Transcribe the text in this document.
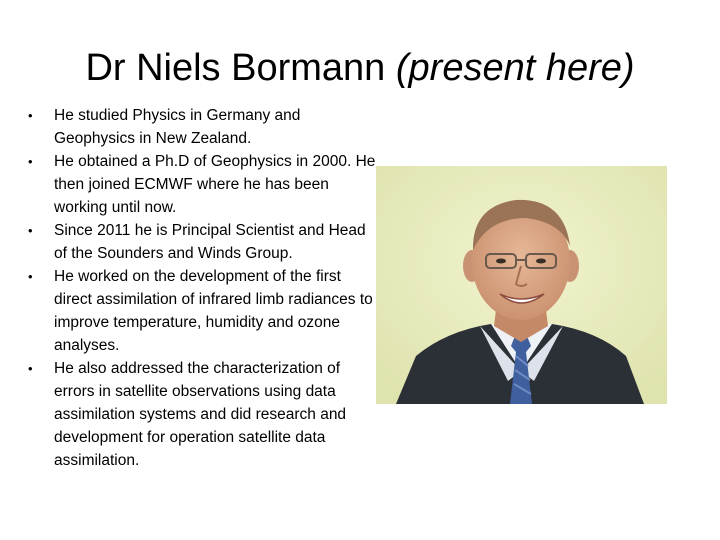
Dr Niels Bormann (present here)
• He studied Physics in Germany and Geophysics in New Zealand.
• He obtained a Ph.D of Geophysics in 2000. He then joined ECMWF where he has been working until now.
• Since 2011 he is Principal Scientist and Head of the Sounders and Winds Group.
• He worked on the development of the first direct assimilation of infrared limb radiances to improve temperature, humidity and ozone analyses.
• He also addressed the characterization of errors in satellite observations using data assimilation systems and did research and development for operation satellite data assimilation.
